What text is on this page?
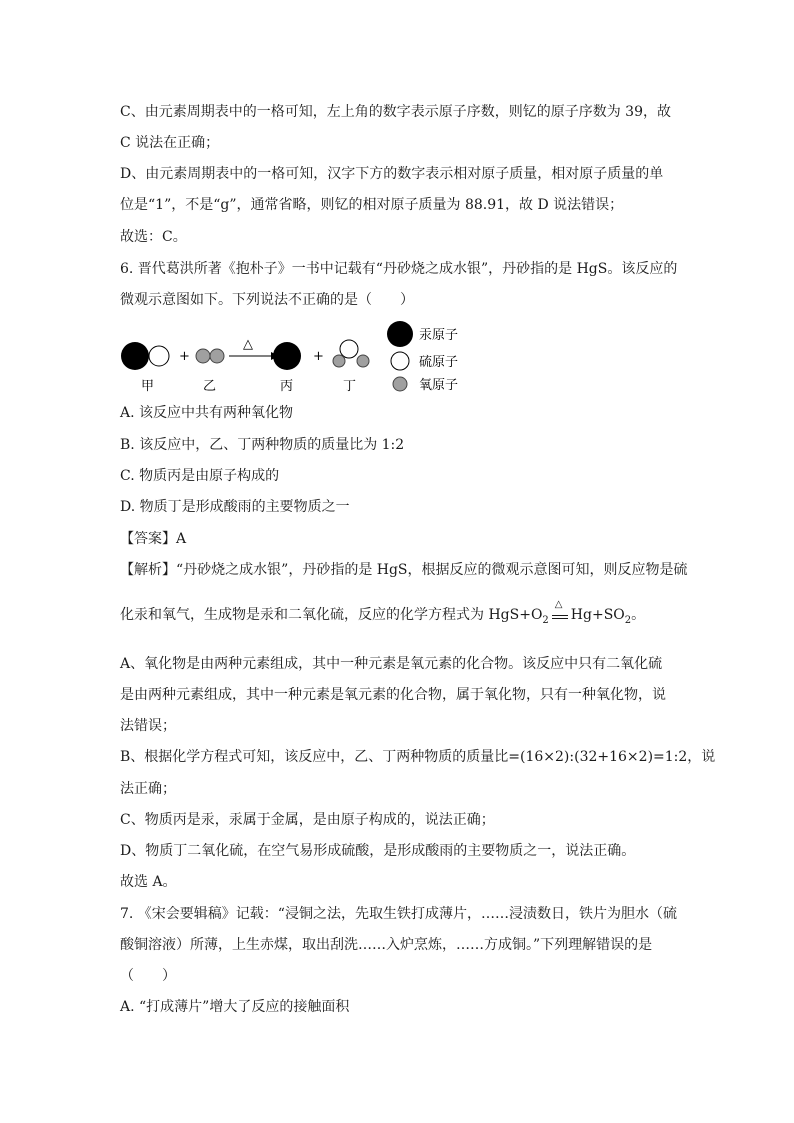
C、由元素周期表中的一格可知，左上角的数字表示原子序数，则钇的原子序数为 39，故
C 说法在正确；
D、由元素周期表中的一格可知，汉字下方的数字表示相对原子质量，相对原子质量的单
位是“1”，不是“g”，通常省略，则钇的相对原子质量为 88.91，故 D 说法错误；
故选：C。
6. 晋代葛洪所著《抱朴子》一书中记载有“丹砂烧之成水银”，丹砂指的是 HgS。该反应的
微观示意图如下。下列说法不正确的是（　　）
+
△
+
甲	乙	丙	丁
汞原子
硫原子
氧原子
A. 该反应中共有两种氧化物
B. 该反应中，乙、丁两种物质的质量比为 1:2
C. 物质丙是由原子构成的
D. 物质丁是形成酸雨的主要物质之一
【答案】A
【解析】“丹砂烧之成水银”，丹砂指的是 HgS，根据反应的微观示意图可知，则反应物是硫
化汞和氧气，生成物是汞和二氧化硫，反应的化学方程式为 $HgS+O_2$
△
$Hg+SO_2$。
A、氧化物是由两种元素组成，其中一种元素是氧元素的化合物。该反应中只有二氧化硫
是由两种元素组成，其中一种元素是氧元素的化合物，属于氧化物，只有一种氧化物，说
法错误；
B、根据化学方程式可知，该反应中，乙、丁两种物质的质量比=(16×2):(32+16×2)=1:2，说
法正确；
C、物质丙是汞，汞属于金属，是由原子构成的，说法正确；
D、物质丁二氧化硫，在空气易形成硫酸，是形成酸雨的主要物质之一，说法正确。
故选 A。
7. 《宋会要辑稿》记载：“浸铜之法，先取生铁打成薄片，……浸渍数日，铁片为胆水（硫
酸铜溶液）所薄，上生赤煤，取出刮洗……入炉烹炼，……方成铜。”下列理解错误的是
（　　）
A. “打成薄片”增大了反应的接触面积
